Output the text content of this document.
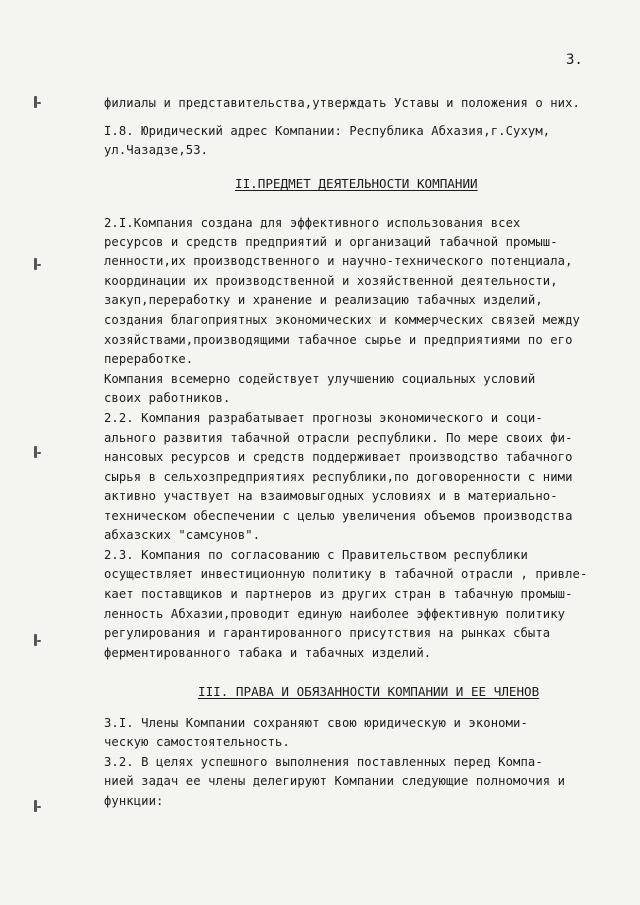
3.
II.ПРЕДМЕТ ДЕЯТЕЛЬНОСТИ КОМПАНИИ
III. ПРАВА И ОБЯЗАННОСТИ КОМПАНИИ И ЕЕ ЧЛЕНОВ
филиалы и представительства,утверждать Уставы и положения о них.
I.8. Юридический адрес Компании: Республика Абхазия,г.Сухум,
ул.Чазадзе,53.
2.I.Компания создана для эффективного использования всех
ресурсов и средств предприятий и организаций табачной промыш-
ленности,их производственного и научно-технического потенциала,
координации их производственной и хозяйственной деятельности,
закуп,переработку и хранение и реализацию табачных изделий,
создания благоприятных экономических и коммерческих связей между
хозяйствами,производящими табачное сырье и предприятиями по его
переработке.
Компания всемерно содействует улучшению социальных условий
своих работников.
2.2. Компания разрабатывает прогнозы экономического и соци-
ального развития табачной отрасли республики. По мере своих фи-
нансовых ресурсов и средств поддерживает производство табачного
сырья в сельхозпредприятиях республики,по договоренности с ними
активно участвует на взаимовыгодных условиях и в материально-
техническом обеспечении с целью увеличения объемов производства
абхазских "самсунов".
2.3. Компания по согласованию с Правительством республики
осуществляет инвестиционную политику в табачной отрасли , привле-
кает поставщиков и партнеров из других стран в табачную промыш-
ленность Абхазии,проводит единую наиболее эффективную политику
регулирования и гарантированного присутствия на рынках сбыта
ферментированного табака и табачных изделий.
3.I. Члены Компании сохраняют свою юридическую и экономи-
ческую самостоятельность.
3.2. В целях успешного выполнения поставленных перед Компа-
нией задач ее члены делегируют Компании следующие полномочия и
функции:
